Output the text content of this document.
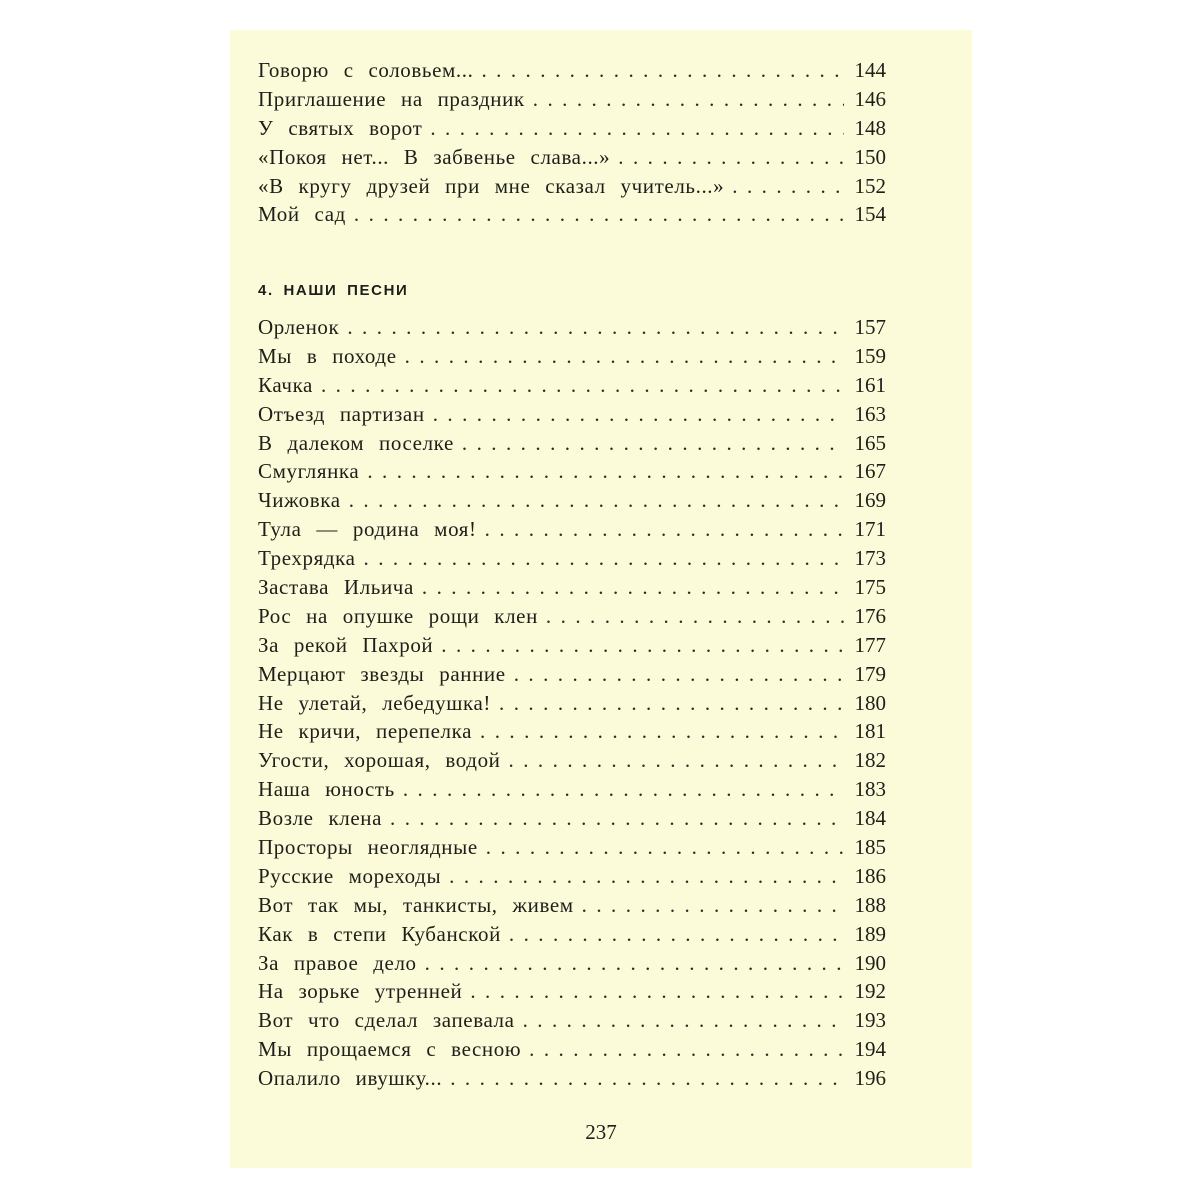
Говорю с соловьем... . . .	144
Приглашение на праздник . . .	146
У святых ворот . . .	148
«Покоя нет... В забвенье слава...» . . .	150
«В кругу друзей при мне сказал учитель...» . . .	152
Мой сад . . .	154
4. НАШИ ПЕСНИ
Орленок . . .	157
Мы в походе . . .	159
Качка . . .	161
Отъезд партизан . . .	163
В далеком поселке . . .	165
Смуглянка . . .	167
Чижовка . . .	169
Тула — родина моя! . . .	171
Трехрядка . . .	173
Застава Ильича . . .	175
Рос на опушке рощи клен . . .	176
За рекой Пахрой . . .	177
Мерцают звезды ранние . . .	179
Не улетай, лебедушка! . . .	180
Не кричи, перепелка . . .	181
Угости, хорошая, водой . . .	182
Наша юность . . .	183
Возле клена . . .	184
Просторы неоглядные . . .	185
Русские мореходы . . .	186
Вот так мы, танкисты, живем . . .	188
Как в степи Кубанской . . .	189
За правое дело . . .	190
На зорьке утренней . . .	192
Вот что сделал запевала . . .	193
Мы прощаемся с весною . . .	194
Опалило ивушку... . . .	196
237
